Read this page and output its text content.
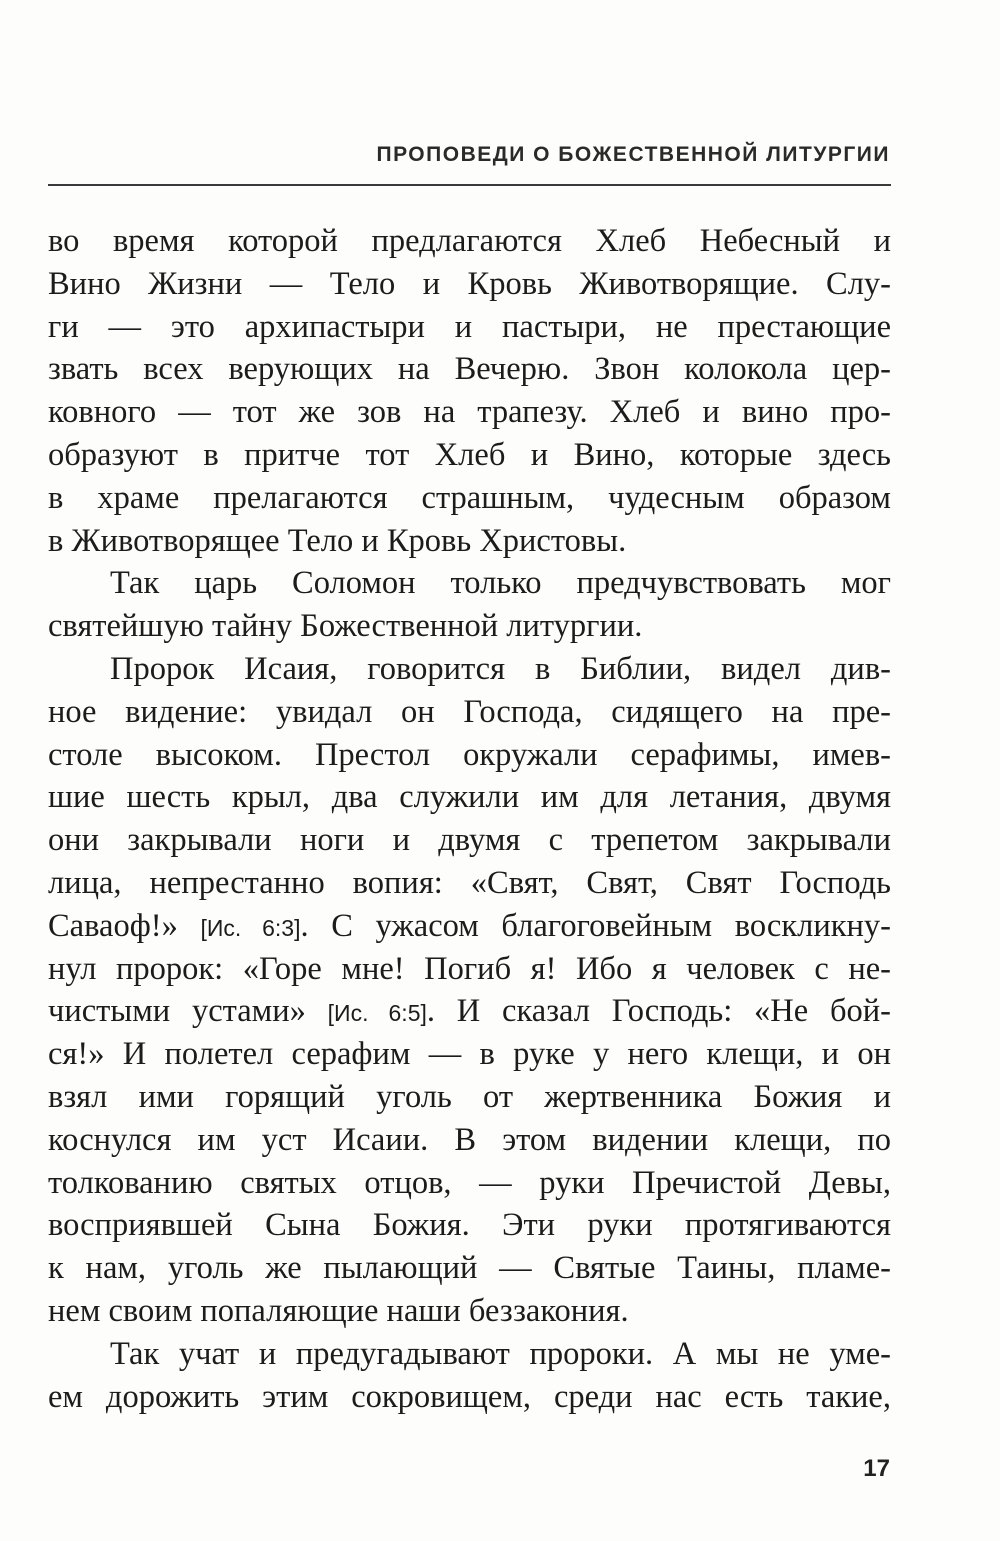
ПРОПОВЕДИ О БОЖЕСТВЕННОЙ ЛИТУРГИИ
во время которой предлагаются Хлеб Небесный и
Вино Жизни — Тело и Кровь Животворящие. Слу-
ги — это архипастыри и пастыри, не престающие
звать всех верующих на Вечерю. Звон колокола цер-
ковного — тот же зов на трапезу. Хлеб и вино про-
образуют в притче тот Хлеб и Вино, которые здесь
в храме прелагаются страшным, чудесным образом
в Животворящее Тело и Кровь Христовы.
Так царь Соломон только предчувствовать мог
святейшую тайну Божественной литургии.
Пророк Исаия, говорится в Библии, видел див-
ное видение: увидал он Господа, сидящего на пре-
столе высоком. Престол окружали серафимы, имев-
шие шесть крыл, два служили им для летания, двумя
они закрывали ноги и двумя с трепетом закрывали
лица, непрестанно вопия: «Свят, Свят, Свят Господь
Саваоф!» [Ис. 6:3]. С ужасом благоговейным воскликну-
нул пророк: «Горе мне! Погиб я! Ибо я человек с не-
чистыми устами» [Ис. 6:5]. И сказал Господь: «Не бой-
ся!» И полетел серафим — в руке у него клещи, и он
взял ими горящий уголь от жертвенника Божия и
коснулся им уст Исаии. В этом видении клещи, по
толкованию святых отцов, — руки Пречистой Девы,
восприявшей Сына Божия. Эти руки протягиваются
к нам, уголь же пылающий — Святые Таины, пламе-
нем своим попаляющие наши беззакония.
Так учат и предугадывают пророки. А мы не уме-
ем дорожить этим сокровищем, среди нас есть такие,
17
